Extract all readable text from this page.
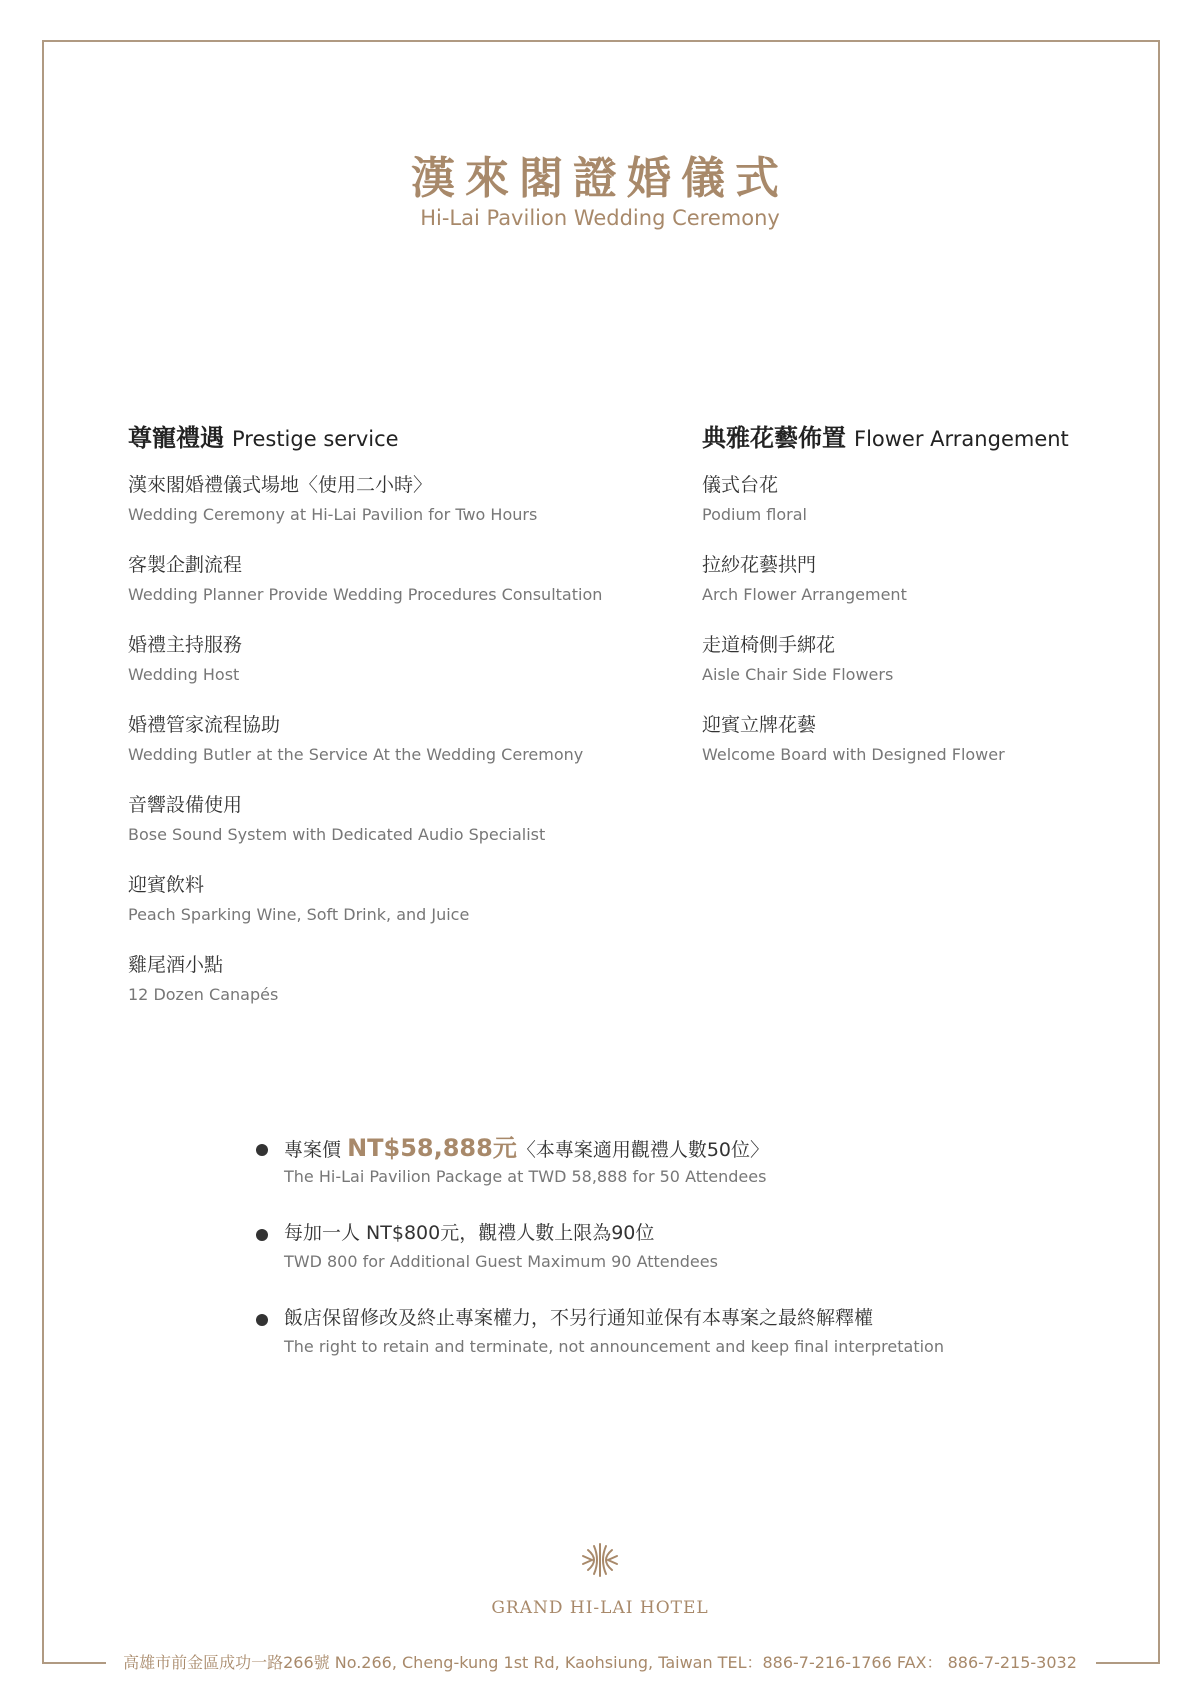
漢來閣證婚儀式
Hi-Lai Pavilion Wedding Ceremony
尊寵禮遇 Prestige service
漢來閣婚禮儀式場地〈使用二小時〉
Wedding Ceremony at Hi-Lai Pavilion for Two Hours
客製企劃流程
Wedding Planner Provide Wedding Procedures Consultation
婚禮主持服務
Wedding Host
婚禮管家流程協助
Wedding Butler at the Service At the Wedding Ceremony
音響設備使用
Bose Sound System with Dedicated Audio Specialist
迎賓飲料
Peach Sparking Wine, Soft Drink, and Juice
雞尾酒小點
12 Dozen Canapés
典雅花藝佈置 Flower Arrangement
儀式台花
Podium floral
拉紗花藝拱門
Arch Flower Arrangement
走道椅側手綁花
Aisle Chair Side Flowers
迎賓立牌花藝
Welcome Board with Designed Flower
專案價 NT$58,888元〈本專案適用觀禮人數50位〉
The Hi-Lai Pavilion Package at TWD 58,888 for 50 Attendees
每加一人 NT$800元，觀禮人數上限為90位
TWD 800 for Additional Guest Maximum 90 Attendees
飯店保留修改及終止專案權力，不另行通知並保有本專案之最終解釋權
The right to retain and terminate, not announcement and keep final interpretation
GRAND HI-LAI HOTEL
高雄市前金區成功一路266號 No.266, Cheng-kung 1st Rd, Kaohsiung, Taiwan TEL：886-7-216-1766 FAX： 886-7-215-3032
